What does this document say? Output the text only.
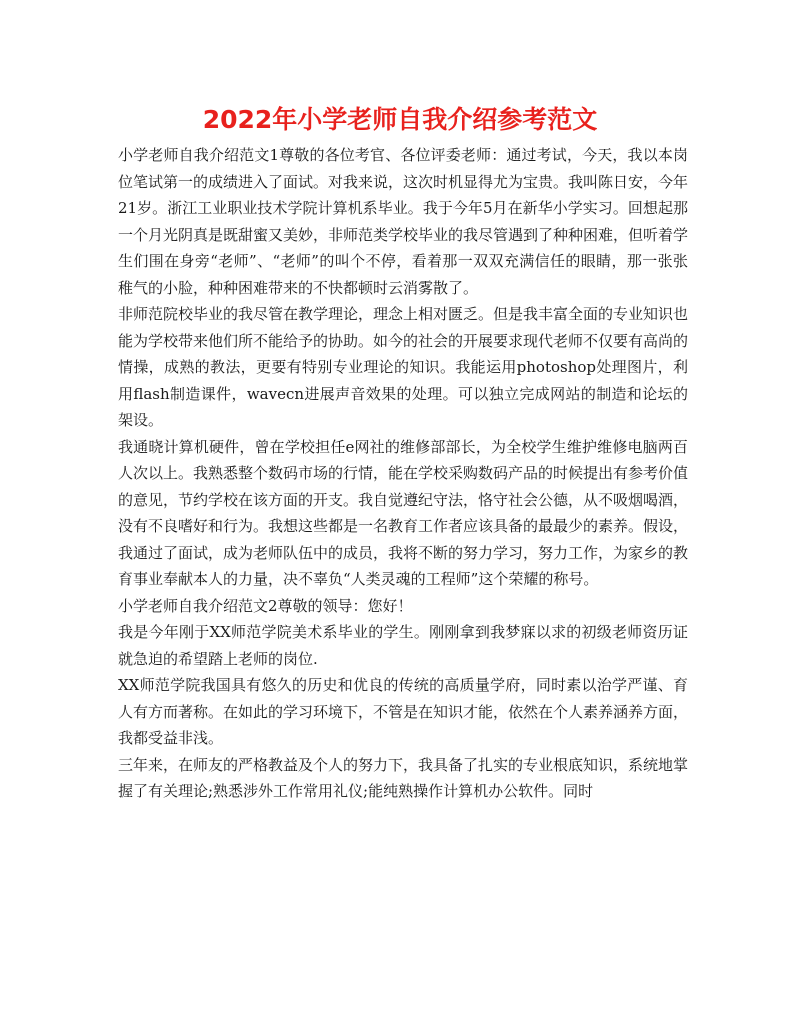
2022年小学老师自我介绍参考范文

小学老师自我介绍范文1尊敬的各位考官、各位评委老师：通过考试，今天，我以本岗位笔试第一的成绩进入了面试。对我来说，这次时机显得尤为宝贵。我叫陈日安，今年21岁。浙江工业职业技术学院计算机系毕业。我于今年5月在新华小学实习。回想起那一个月光阴真是既甜蜜又美妙，非师范类学校毕业的我尽管遇到了种种困难，但听着学生们围在身旁“老师”、“老师”的叫个不停，看着那一双双充满信任的眼睛，那一张张稚气的小脸，种种困难带来的不快都顿时云消雾散了。

非师范院校毕业的我尽管在教学理论，理念上相对匮乏。但是我丰富全面的专业知识也能为学校带来他们所不能给予的协助。如今的社会的开展要求现代老师不仅要有高尚的情操，成熟的教法，更要有特别专业理论的知识。我能运用photoshop处理图片，利用flash制造课件，wavecn进展声音效果的处理。可以独立完成网站的制造和论坛的架设。

我通晓计算机硬件，曾在学校担任e网社的维修部部长，为全校学生维护维修电脑两百人次以上。我熟悉整个数码市场的行情，能在学校采购数码产品的时候提出有参考价值的意见，节约学校在该方面的开支。我自觉遵纪守法，恪守社会公德，从不吸烟喝酒，没有不良嗜好和行为。我想这些都是一名教育工作者应该具备的最最少的素养。假设，我通过了面试，成为老师队伍中的成员，我将不断的努力学习，努力工作，为家乡的教育事业奉献本人的力量，决不辜负“人类灵魂的工程师”这个荣耀的称号。

小学老师自我介绍范文2尊敬的领导：您好！

我是今年刚于XX师范学院美术系毕业的学生。刚刚拿到我梦寐以求的初级老师资历证就急迫的希望踏上老师的岗位.

XX师范学院我国具有悠久的历史和优良的传统的高质量学府，同时素以治学严谨、育人有方而著称。在如此的学习环境下，不管是在知识才能，依然在个人素养涵养方面，我都受益非浅。

三年来，在师友的严格教益及个人的努力下，我具备了扎实的专业根底知识，系统地掌握了有关理论;熟悉涉外工作常用礼仪;能纯熟操作计算机办公软件。同时
